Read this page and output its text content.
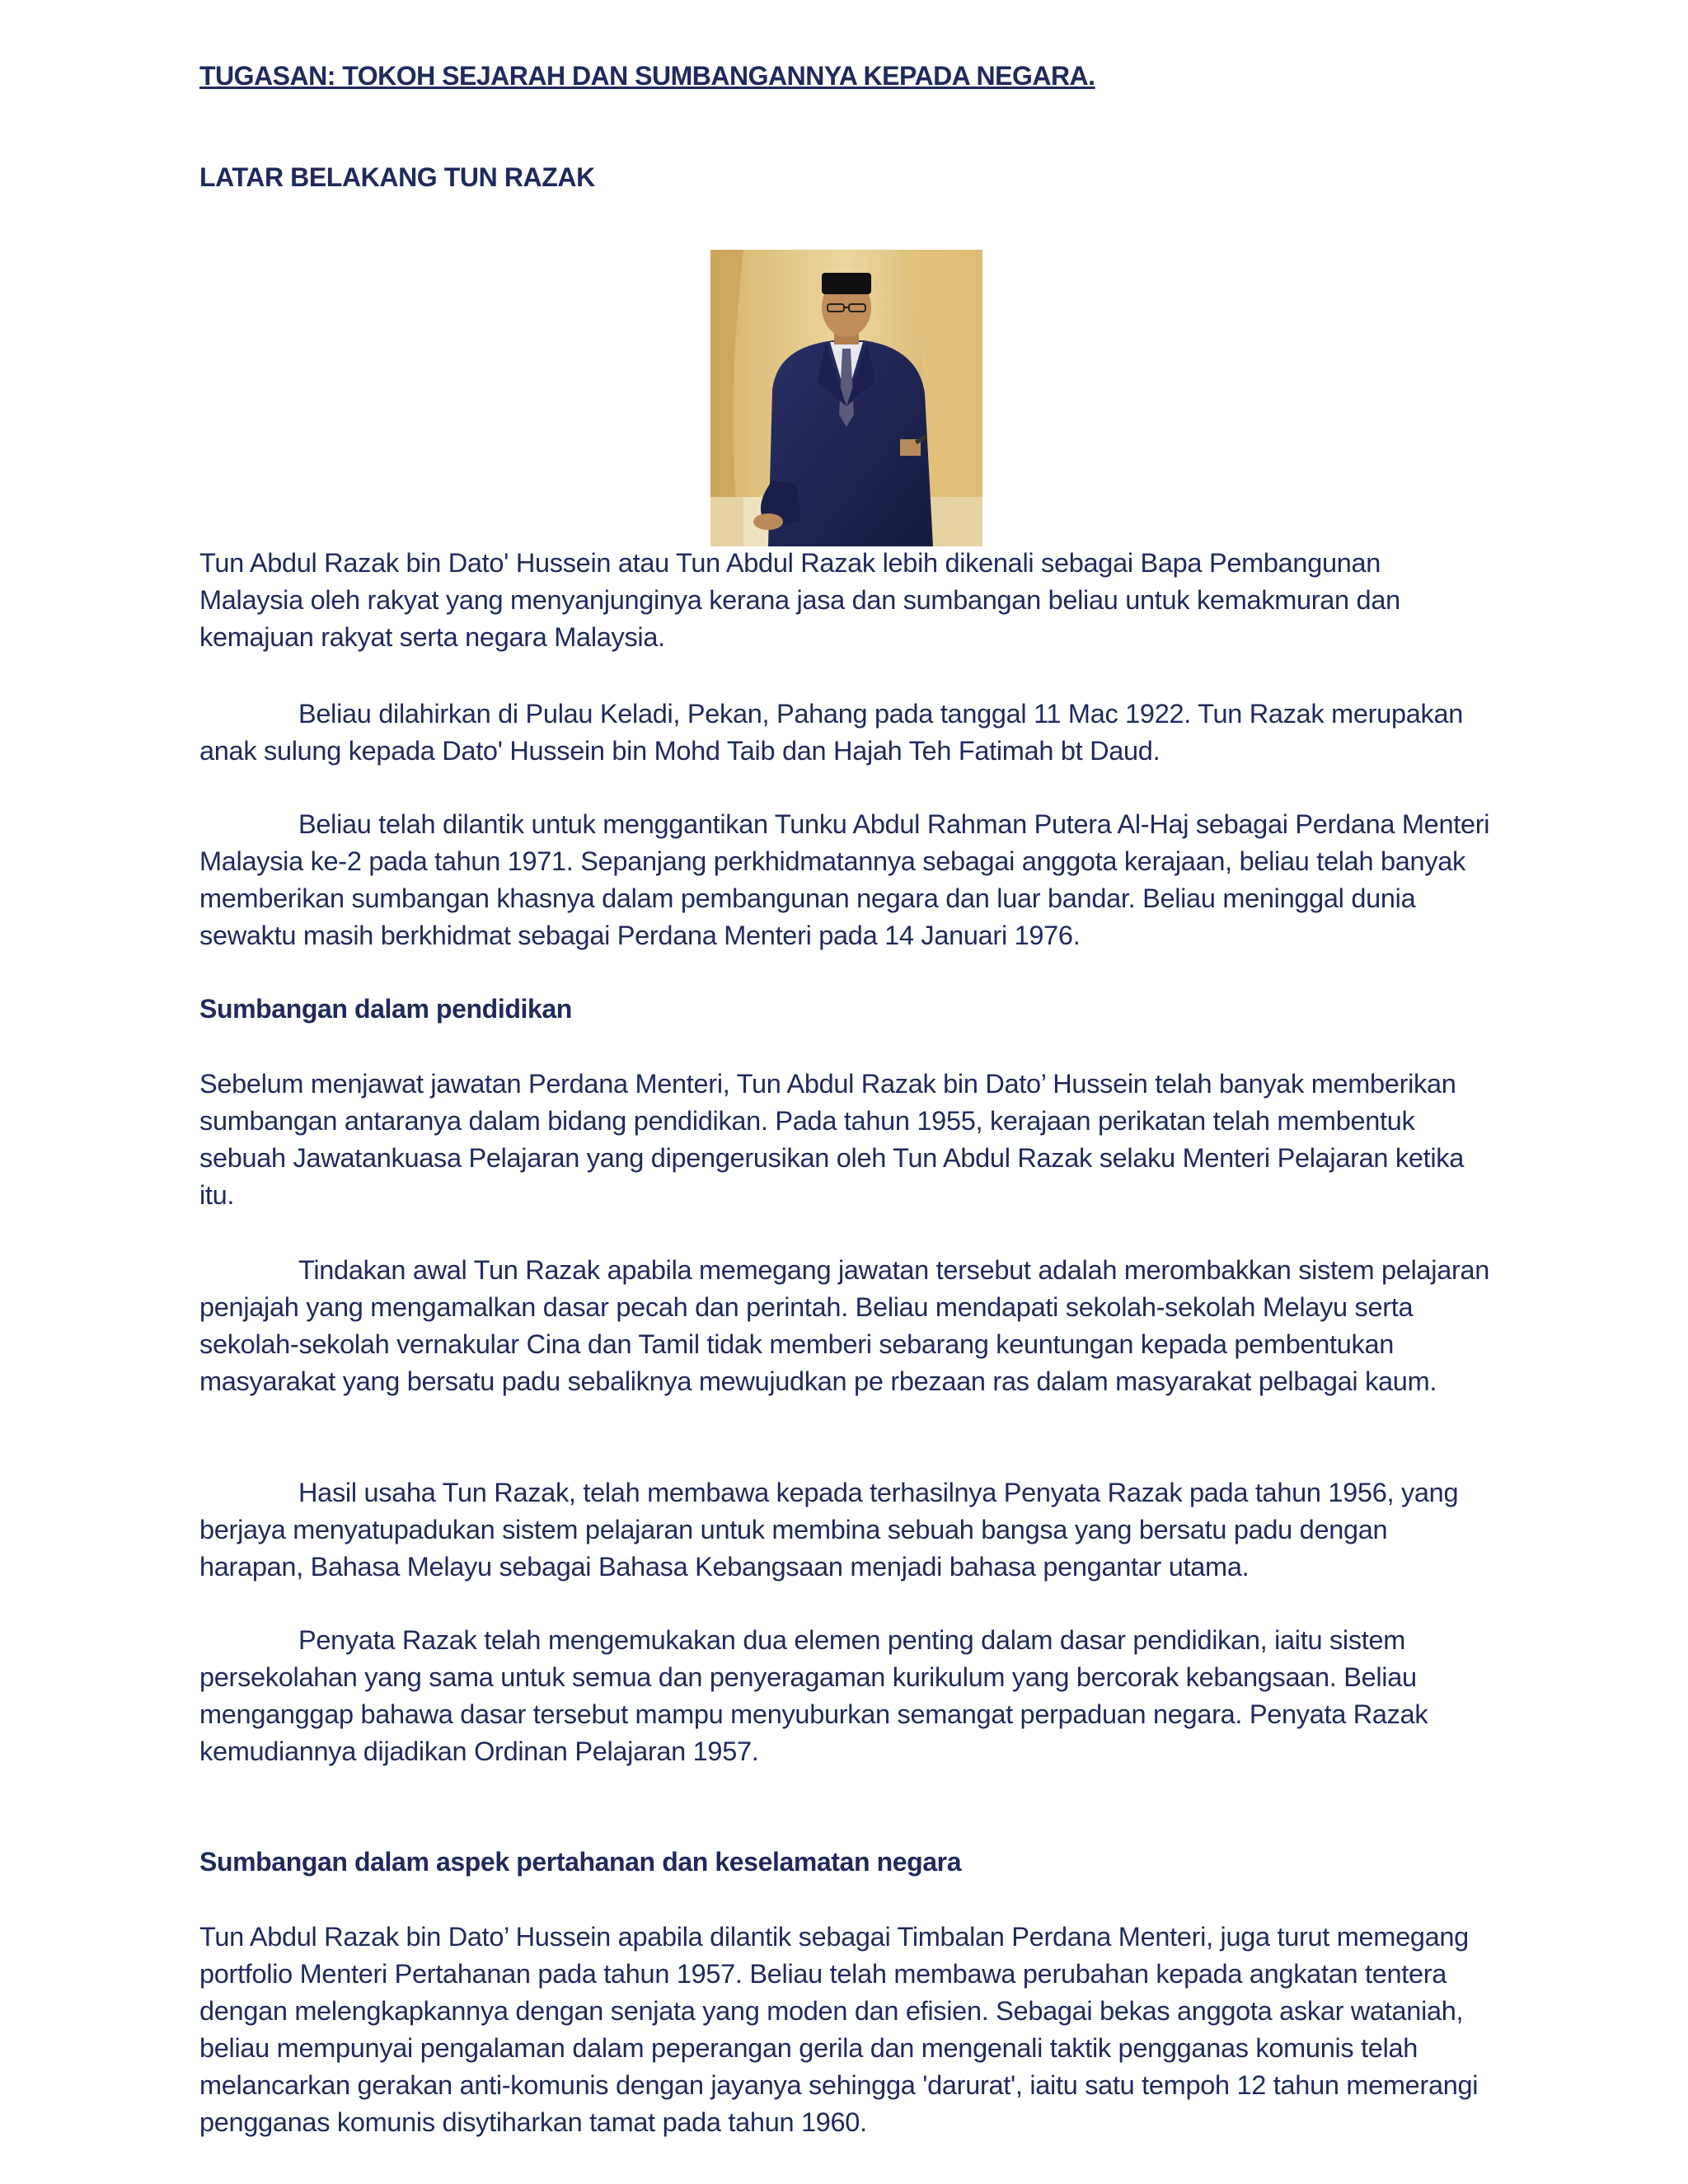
TUGASAN: TOKOH SEJARAH DAN SUMBANGANNYA KEPADA NEGARA.
LATAR BELAKANG TUN RAZAK
Tun Abdul Razak bin Dato' Hussein atau Tun Abdul Razak lebih dikenali sebagai Bapa Pembangunan Malaysia oleh rakyat yang menyanjunginya kerana jasa dan sumbangan beliau untuk kemakmuran dan kemajuan rakyat serta negara Malaysia.
Beliau dilahirkan di Pulau Keladi, Pekan, Pahang pada tanggal 11 Mac 1922. Tun Razak merupakan anak sulung kepada Dato' Hussein bin Mohd Taib dan Hajah Teh Fatimah bt Daud.
Beliau telah dilantik untuk menggantikan Tunku Abdul Rahman Putera Al-Haj sebagai Perdana Menteri Malaysia ke-2 pada tahun 1971. Sepanjang perkhidmatannya sebagai anggota kerajaan, beliau telah banyak memberikan sumbangan khasnya dalam pembangunan negara dan luar bandar. Beliau meninggal dunia sewaktu masih berkhidmat sebagai Perdana Menteri pada 14 Januari 1976.
Sumbangan dalam pendidikan
Sebelum menjawat jawatan Perdana Menteri, Tun Abdul Razak bin Dato’ Hussein telah banyak memberikan sumbangan antaranya dalam bidang pendidikan. Pada tahun 1955, kerajaan perikatan telah membentuk sebuah Jawatankuasa Pelajaran yang dipengerusikan oleh Tun Abdul Razak selaku Menteri Pelajaran ketika itu.
Tindakan awal Tun Razak apabila memegang jawatan tersebut adalah merombakkan sistem pelajaran penjajah yang mengamalkan dasar pecah dan perintah. Beliau mendapati sekolah-sekolah Melayu serta sekolah-sekolah vernakular Cina dan Tamil tidak memberi sebarang keuntungan kepada pembentukan masyarakat yang bersatu padu sebaliknya mewujudkan pe rbezaan ras dalam masyarakat pelbagai kaum.
Hasil usaha Tun Razak, telah membawa kepada terhasilnya Penyata Razak pada tahun 1956, yang berjaya menyatupadukan sistem pelajaran untuk membina sebuah bangsa yang bersatu padu dengan harapan, Bahasa Melayu sebagai Bahasa Kebangsaan menjadi bahasa pengantar utama.
Penyata Razak telah mengemukakan dua elemen penting dalam dasar pendidikan, iaitu sistem persekolahan yang sama untuk semua dan penyeragaman kurikulum yang bercorak kebangsaan. Beliau menganggap bahawa dasar tersebut mampu menyuburkan semangat perpaduan negara. Penyata Razak kemudiannya dijadikan Ordinan Pelajaran 1957.
Sumbangan dalam aspek pertahanan dan keselamatan negara
Tun Abdul Razak bin Dato’ Hussein apabila dilantik sebagai Timbalan Perdana Menteri, juga turut memegang portfolio Menteri Pertahanan pada tahun 1957. Beliau telah membawa perubahan kepada angkatan tentera dengan melengkapkannya dengan senjata yang moden dan efisien. Sebagai bekas anggota askar wataniah, beliau mempunyai pengalaman dalam peperangan gerila dan mengenali taktik pengganas komunis telah melancarkan gerakan anti-komunis dengan jayanya sehingga 'darurat', iaitu satu tempoh 12 tahun memerangi pengganas komunis disytiharkan tamat pada tahun 1960.
